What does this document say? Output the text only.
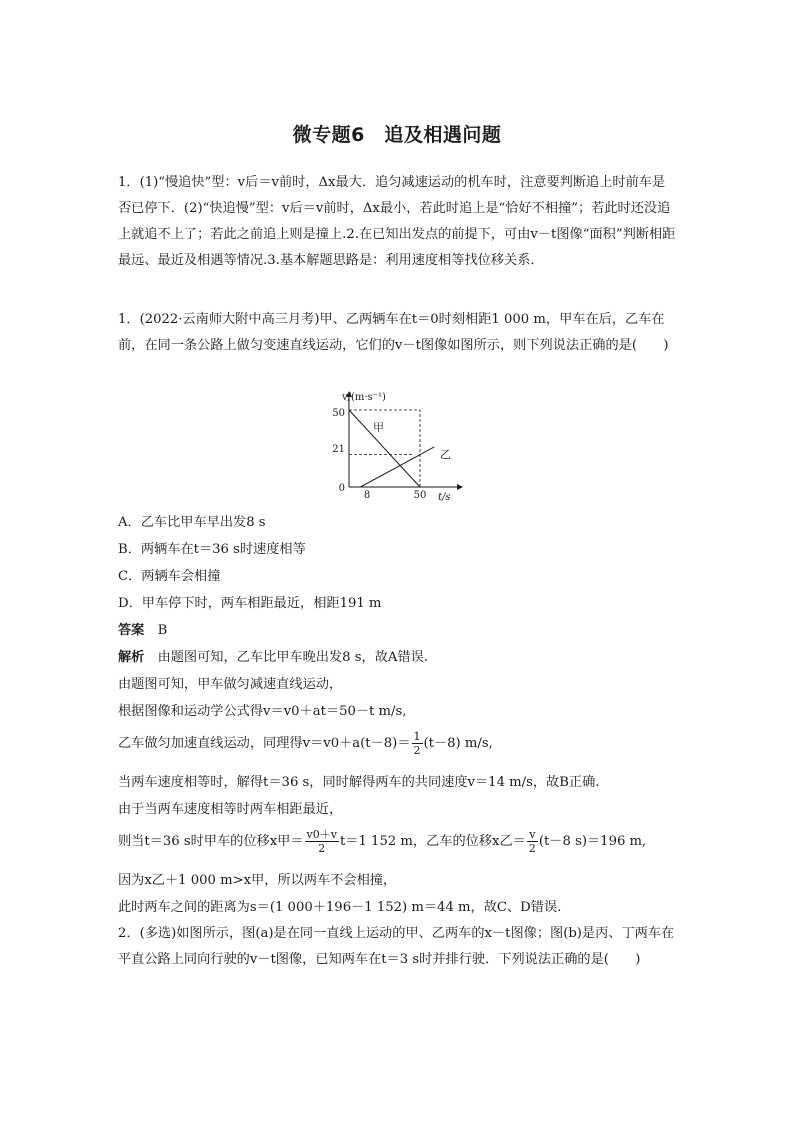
微专题6　追及相遇问题
1．(1)“慢追快”型：v后＝v前时，Δx最大．追匀减速运动的机车时，注意要判断追上时前车是否已停下．(2)“快追慢”型：v后＝v前时，Δx最小，若此时追上是“恰好不相撞”；若此时还没追上就追不上了；若此之前追上则是撞上.2.在已知出发点的前提下，可由v－t图像“面积”判断相距最远、最近及相遇等情况.3.基本解题思路是：利用速度相等找位移关系．
1．(2022·云南师大附中高三月考)甲、乙两辆车在t＝0时刻相距1 000 m，甲车在后，乙车在前，在同一条公路上做匀变速直线运动，它们的v－t图像如图所示，则下列说法正确的是(　　)
v/(m·s⁻¹)
t/s
50
21
0
8	50
甲
乙
A．乙车比甲车早出发8 s
B．两辆车在t＝36 s时速度相等
C．两辆车会相撞
D．甲车停下时，两车相距最近，相距191 m
答案　 B
解析　 由题图可知，乙车比甲车晚出发8 s，故A错误.
由题图可知，甲车做匀减速直线运动，
根据图像和运动学公式得v＝v0＋at＝50－t m/s,
乙车做匀加速直线运动，同理得$v=v0+a(t-8)= \frac{1}{2} (t-8)$ m/s,
当两车速度相等时，解得t＝36 s，同时解得两车的共同速度v＝14 m/s，故B正确.
由于当两车速度相等时两车相距最近，
则当t＝36 s时甲车的位移x甲＝ $\frac{v0+v}{2} t=1$ 152 m，乙车的位移x乙＝ $\frac{v}{2} (t-8$ s)＝196 m,
因为x乙＋1 000 m>x甲，所以两车不会相撞，
此时两车之间的距离为s＝(1 000＋196－1 152) m＝44 m，故C、D错误.
2．(多选)如图所示，图(a)是在同一直线上运动的甲、乙两车的x－t图像；图(b)是丙、丁两车在平直公路上同向行驶的v－t图像，已知两车在t＝3 s时并排行驶．下列说法正确的是(　　)
